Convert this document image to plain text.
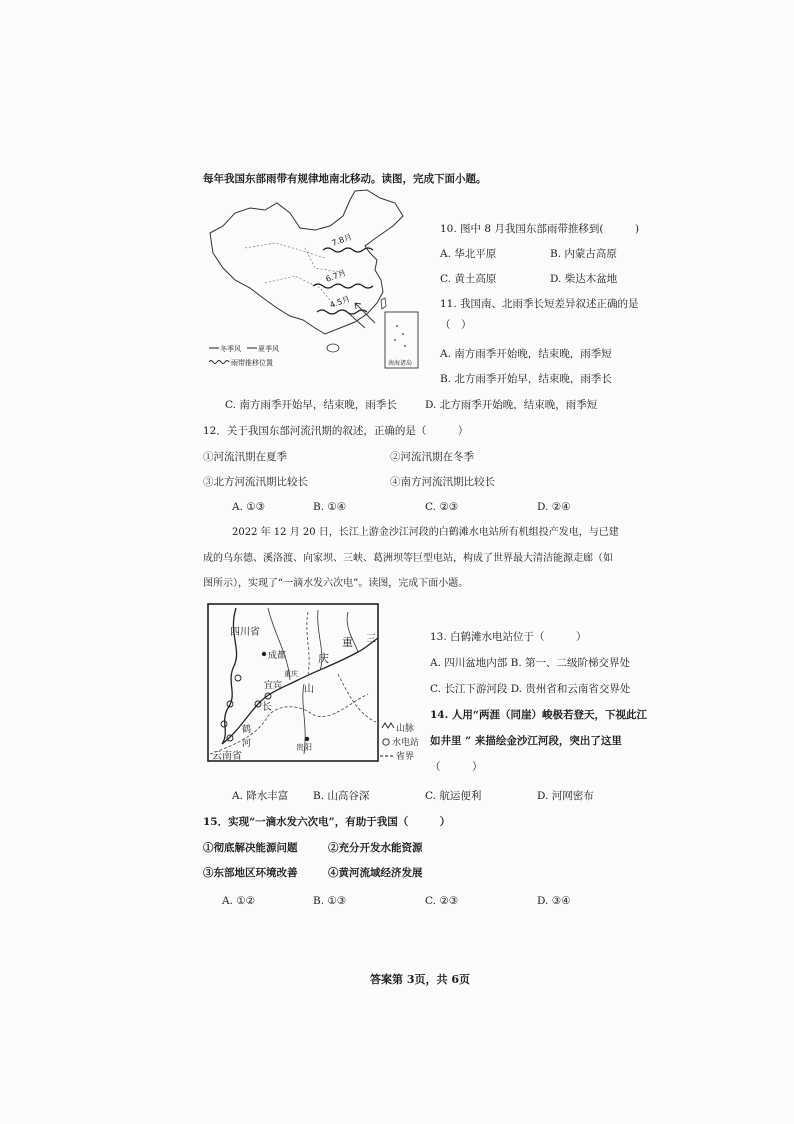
每年我国东部雨带有规律地南北移动。读图，完成下面小题。
7.8月
6.7月
4.5月
南海诸岛
冬季风 夏季风
雨带推移位置
10. 图中 8 月我国东部雨带推移到(　　　)
A. 华北平原	B. 内蒙古高原
C. 黄土高原	D. 柴达木盆地
11. 我国南、北雨季长短差异叙述正确的是
（　）
A. 南方雨季开始晚，结束晚，雨季短
B. 北方雨季开始早，结束晚，雨季长
C. 南方雨季开始早，结束晚，雨季长	D. 北方雨季开始晚，结束晚，雨季短
12．关于我国东部河流汛期的叙述，正确的是（　　　）
①河流汛期在夏季	②河流汛期在冬季
③北方河流汛期比较长	④南方河流汛期比较长
A. ①③	B. ①④	C. ②③	D. ②④
2022 年 12 月 20 日，长江上游金沙江河段的白鹤滩水电站所有机组投产发电，与已建
成的乌东德、溪洛渡、向家坝、三峡、葛洲坝等巨型电站，构成了世界最大清洁能源走廊（如
图所示），实现了“一滴水发六次电”。读图，完成下面小题。
四川省
成都
重
庆
重庆
宜宾 山
长
鹤
河
三
贵阳
云南省
山脉
水电站
省界
13. 白鹤滩水电站位于（　　　）
A. 四川盆地内部 B. 第一、二级阶梯交界处
C. 长江下游河段 D. 贵州省和云南省交界处
14. 人用“两涯（同崖）峻极若登天，下视此江
如井里 ” 来描绘金沙江河段，突出了这里
（　　　）
A. 降水丰富 B. 山高谷深	C. 航运便利	D. 河网密布
15．实现“一滴水发六次电”，有助于我国（　　　）
①彻底解决能源问题	②充分开发水能资源
③东部地区环境改善	④黄河流域经济发展
A. ①②	B. ①③	C. ②③	D. ③④
答案第 3页，共 6页
